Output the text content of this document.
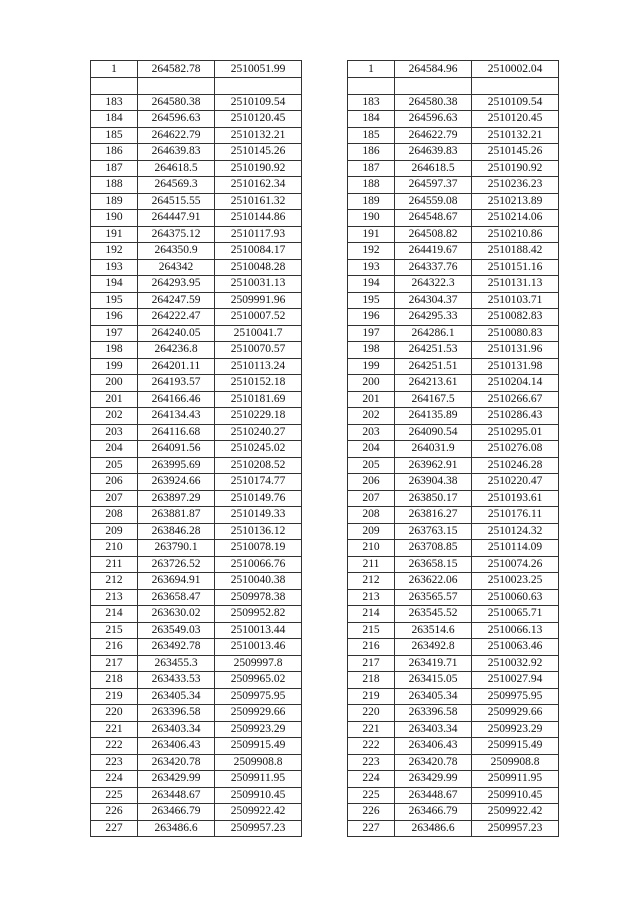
1	264582.78	2510051.99

183	264580.38	2510109.54
184	264596.63	2510120.45
185	264622.79	2510132.21
186	264639.83	2510145.26
187	264618.5	2510190.92
188	264569.3	2510162.34
189	264515.55	2510161.32
190	264447.91	2510144.86
191	264375.12	2510117.93
192	264350.9	2510084.17
193	264342	2510048.28
194	264293.95	2510031.13
195	264247.59	2509991.96
196	264222.47	2510007.52
197	264240.05	2510041.7
198	264236.8	2510070.57
199	264201.11	2510113.24
200	264193.57	2510152.18
201	264166.46	2510181.69
202	264134.43	2510229.18
203	264116.68	2510240.27
204	264091.56	2510245.02
205	263995.69	2510208.52
206	263924.66	2510174.77
207	263897.29	2510149.76
208	263881.87	2510149.33
209	263846.28	2510136.12
210	263790.1	2510078.19
211	263726.52	2510066.76
212	263694.91	2510040.38
213	263658.47	2509978.38
214	263630.02	2509952.82
215	263549.03	2510013.44
216	263492.78	2510013.46
217	263455.3	2509997.8
218	263433.53	2509965.02
219	263405.34	2509975.95
220	263396.58	2509929.66
221	263403.34	2509923.29
222	263406.43	2509915.49
223	263420.78	2509908.8
224	263429.99	2509911.95
225	263448.67	2509910.45
226	263466.79	2509922.42
227	263486.6	2509957.23
1	264584.96	2510002.04

183	264580.38	2510109.54
184	264596.63	2510120.45
185	264622.79	2510132.21
186	264639.83	2510145.26
187	264618.5	2510190.92
188	264597.37	2510236.23
189	264559.08	2510213.89
190	264548.67	2510214.06
191	264508.82	2510210.86
192	264419.67	2510188.42
193	264337.76	2510151.16
194	264322.3	2510131.13
195	264304.37	2510103.71
196	264295.33	2510082.83
197	264286.1	2510080.83
198	264251.53	2510131.96
199	264251.51	2510131.98
200	264213.61	2510204.14
201	264167.5	2510266.67
202	264135.89	2510286.43
203	264090.54	2510295.01
204	264031.9	2510276.08
205	263962.91	2510246.28
206	263904.38	2510220.47
207	263850.17	2510193.61
208	263816.27	2510176.11
209	263763.15	2510124.32
210	263708.85	2510114.09
211	263658.15	2510074.26
212	263622.06	2510023.25
213	263565.57	2510060.63
214	263545.52	2510065.71
215	263514.6	2510066.13
216	263492.8	2510063.46
217	263419.71	2510032.92
218	263415.05	2510027.94
219	263405.34	2509975.95
220	263396.58	2509929.66
221	263403.34	2509923.29
222	263406.43	2509915.49
223	263420.78	2509908.8
224	263429.99	2509911.95
225	263448.67	2509910.45
226	263466.79	2509922.42
227	263486.6	2509957.23
